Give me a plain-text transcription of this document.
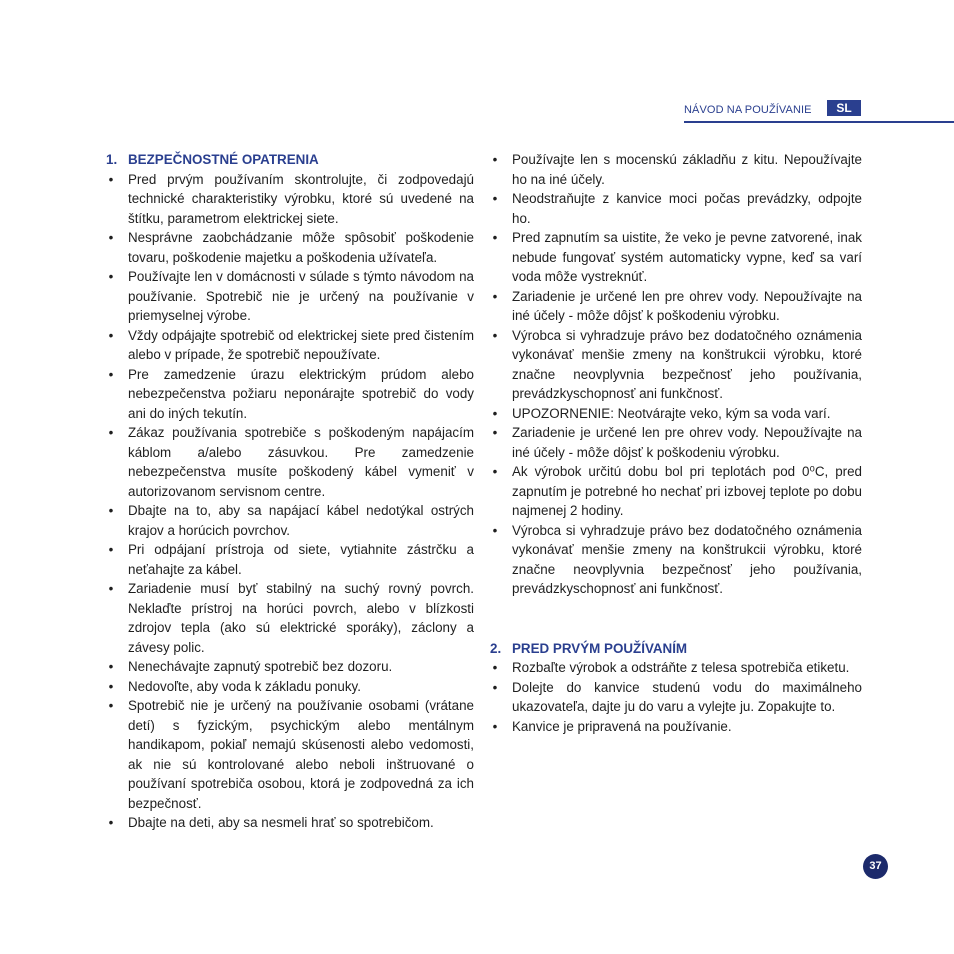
NÁVOD NA POUŽÍVANIE	SL
1. BEZPEČNOSTNÉ OPATRENIA
• Pred prvým používaním skontrolujte, či zodpovedajú technické charakteristiky výrobku, ktoré sú uvedené na štítku, parametrom elektrickej siete.
• Nesprávne zaobchádzanie môže spôsobiť poškodenie tovaru, poškodenie majetku a poškodenia užívateľa.
• Používajte len v domácnosti v súlade s týmto návodom na používanie. Spotrebič nie je určený na používanie v priemyselnej výrobe.
• Vždy odpájajte spotrebič od elektrickej siete pred čistením alebo v prípade, že spotrebič nepoužívate.
• Pre zamedzenie úrazu elektrickým prúdom alebo nebezpečenstva požiaru neponárajte spotrebič do vody ani do iných tekutín.
• Zákaz používania spotrebiče s poškodeným napájacím káblom a/alebo zásuvkou. Pre zamedzenie nebezpečenstva musíte poškodený kábel vymeniť v autorizovanom servisnom centre.
• Dbajte na to, aby sa napájací kábel nedotýkal ostrých krajov a horúcich povrchov.
• Pri odpájaní prístroja od siete, vytiahnite zástrčku a neťahajte za kábel.
• Zariadenie musí byť stabilný na suchý rovný povrch. Neklaďte prístroj na horúci povrch, alebo v blízkosti zdrojov tepla (ako sú elektrické sporáky), záclony a závesy polic.
• Nenechávajte zapnutý spotrebič bez dozoru.
• Nedovoľte, aby voda k základu ponuky.
• Spotrebič nie je určený na používanie osobami (vrátane detí) s fyzickým, psychickým alebo mentálnym handikapom, pokiaľ nemajú skúsenosti alebo vedomosti, ak nie sú kontrolované alebo neboli inštruované o používaní spotrebiča osobou, ktorá je zodpovedná za ich bezpečnosť.
• Dbajte na deti, aby sa nesmeli hrať so spotrebičom.
• Používajte len s mocenskú základňu z kitu. Nepoužívajte ho na iné účely.
• Neodstraňujte z kanvice moci počas prevádzky, odpojte ho.
• Pred zapnutím sa uistite, že veko je pevne zatvorené, inak nebude fungovať systém automaticky vypne, keď sa varí voda môže vystreknúť.
• Zariadenie je určené len pre ohrev vody. Nepoužívajte na iné účely - môže dôjsť k poškodeniu výrobku.
• Výrobca si vyhradzuje právo bez dodatočného oznámenia vykonávať menšie zmeny na konštrukcii výrobku, ktoré značne neovplyvnia bezpečnosť jeho používania, prevádzkyschopnosť ani funkčnosť.
• UPOZORNENIE: Neotvárajte veko, kým sa voda varí.
• Zariadenie je určené len pre ohrev vody. Nepoužívajte na iné účely - môže dôjsť k poškodeniu výrobku.
• Ak výrobok určitú dobu bol pri teplotách pod 0⁰C, pred zapnutím je potrebné ho nechať pri izbovej teplote po dobu najmenej 2 hodiny.
• Výrobca si vyhradzuje právo bez dodatočného oznámenia vykonávať menšie zmeny na konštrukcii výrobku, ktoré značne neovplyvnia bezpečnosť jeho používania, prevádzkyschopnosť ani funkčnosť.
2. PRED PRVÝM POUŽÍVANÍM
• Rozbaľte výrobok a odstráňte z telesa spotrebiča etiketu.
• Dolejte do kanvice studenú vodu do maximálneho ukazovateľa, dajte ju do varu a vylejte ju. Zopakujte to.
• Kanvice je pripravená na používanie.
37
